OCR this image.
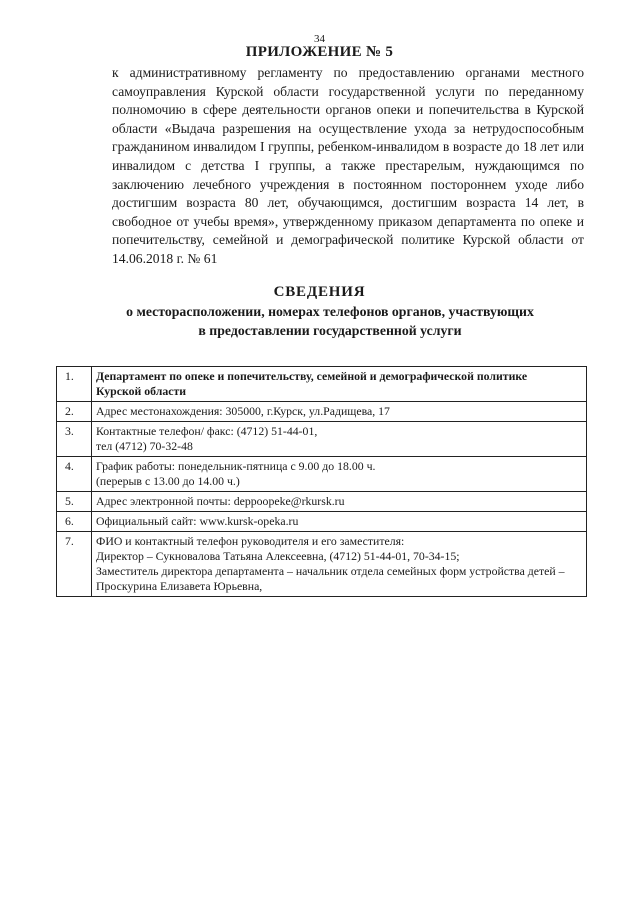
34
ПРИЛОЖЕНИЕ № 5
к административному регламенту по предоставлению органами местного самоуправления Курской области государственной услуги по переданному полномочию в сфере деятельности органов опеки и попечительства в Курской области «Выдача разрешения на осуществление ухода за нетрудоспособным гражданином инвалидом I группы, ребенком-инвалидом в возрасте до 18 лет или инвалидом с детства I группы, а также престарелым, нуждающимся по заключению лечебного учреждения в постоянном постороннем уходе либо достигшим возраста 80 лет, обучающимся, достигшим возраста 14 лет, в свободное от учебы время», утвержденному приказом департамента по опеке и попечительству, семейной и демографической политике Курской области от 14.06.2018 г. № 61
СВЕДЕНИЯ
о месторасположении, номерах телефонов органов, участвующих
в предоставлении государственной услуги
1.	Департамент по опеке и попечительству, семейной и демографической политике
Курской области

2.	Адрес местонахождения: 305000, г.Курск, ул.Радищева, 17

3.	Контактные телефон/ факс: (4712) 51-44-01,
тел (4712) 70-32-48

4.	График работы: понедельник-пятница с 9.00 до 18.00 ч.
(перерыв с 13.00 до 14.00 ч.)

5.	Адрес электронной почты: deppoopeke@rkursk.ru

6.	Официальный сайт: www.kursk-opeka.ru

7.	ФИО и контактный телефон руководителя и его заместителя:
Директор – Сукновалова Татьяна Алексеевна, (4712) 51-44-01, 70-34-15;
Заместитель директора департамента – начальник отдела семейных форм устройства детей –
Проскурина Елизавета Юрьевна,
